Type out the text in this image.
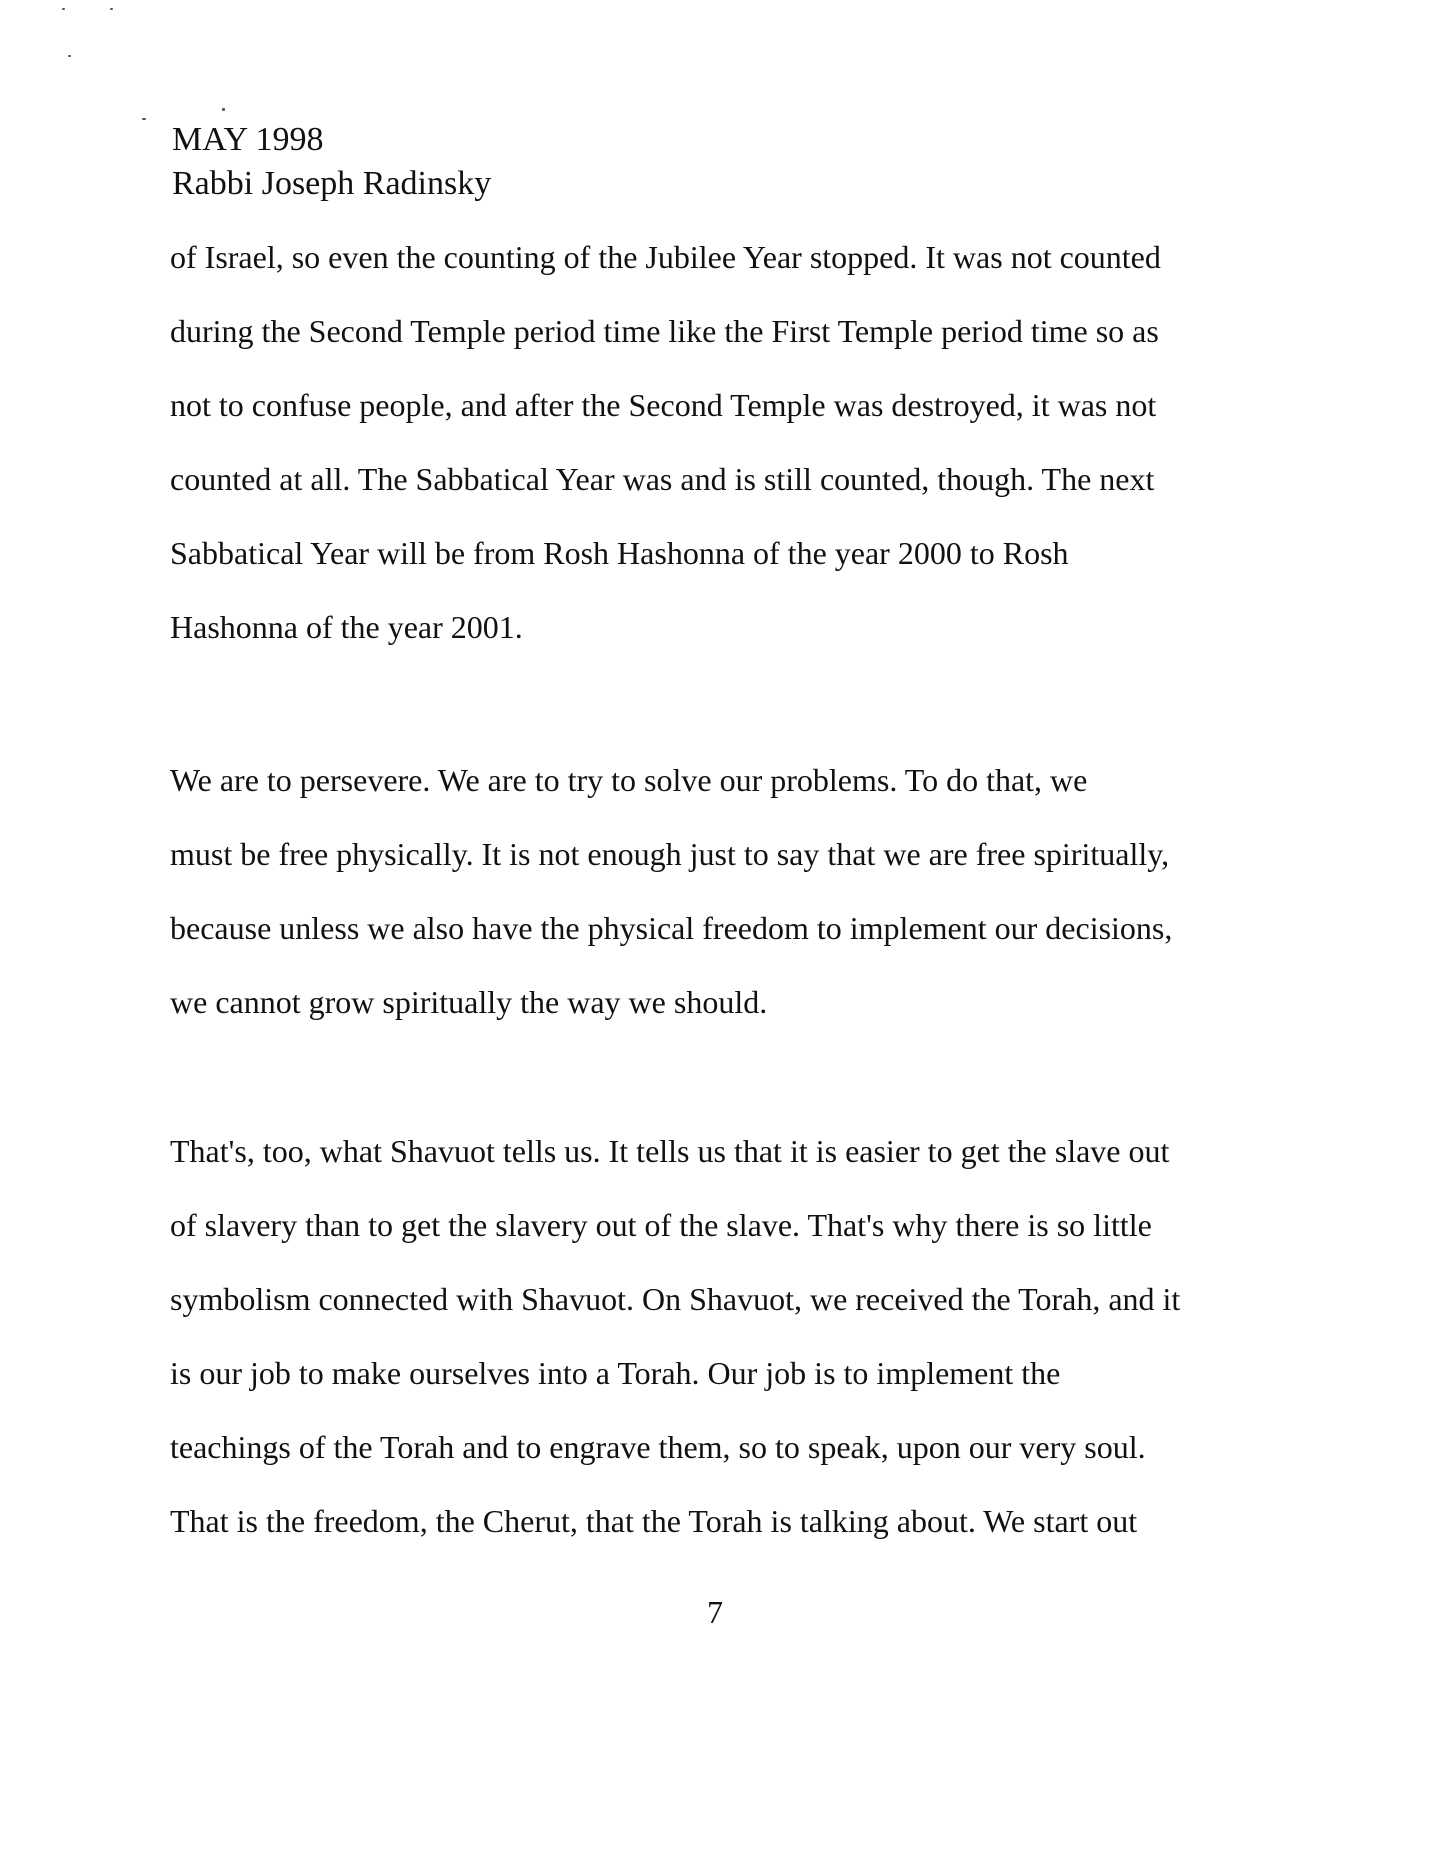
MAY 1998
Rabbi Joseph Radinsky
of Israel, so even the counting of the Jubilee Year stopped. It was not counted
during the Second Temple period time like the First Temple period time so as
not to confuse people, and after the Second Temple was destroyed, it was not
counted at all. The Sabbatical Year was and is still counted, though. The next
Sabbatical Year will be from Rosh Hashonna of the year 2000 to Rosh
Hashonna of the year 2001.
We are to persevere. We are to try to solve our problems. To do that, we
must be free physically. It is not enough just to say that we are free spiritually,
because unless we also have the physical freedom to implement our decisions,
we cannot grow spiritually the way we should.
That's, too, what Shavuot tells us. It tells us that it is easier to get the slave out
of slavery than to get the slavery out of the slave. That's why there is so little
symbolism connected with Shavuot. On Shavuot, we received the Torah, and it
is our job to make ourselves into a Torah. Our job is to implement the
teachings of the Torah and to engrave them, so to speak, upon our very soul.
That is the freedom, the Cherut, that the Torah is talking about. We start out
7
